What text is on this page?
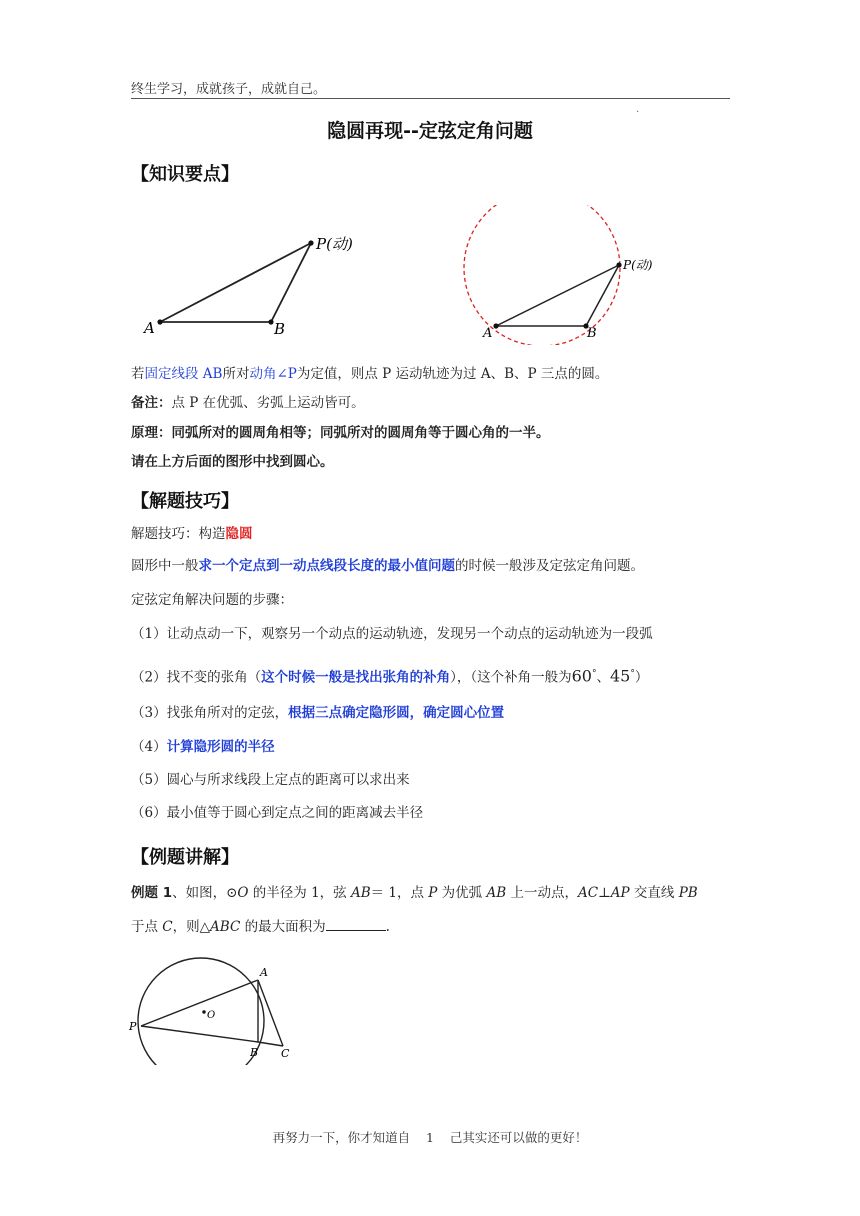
终生学习，成就孩子，成就自己。
.
隐圆再现--定弦定角问题
【知识要点】
A	B
P(动)
A	B
P(动)
若固定线段 AB所对动角∠P为定值，则点 P 运动轨迹为过 A、B、P 三点的圆。
备注：点 P 在优弧、劣弧上运动皆可。
原理：同弧所对的圆周角相等；同弧所对的圆周角等于圆心角的一半。
请在上方后面的图形中找到圆心。
【解题技巧】
解题技巧：构造隐圆
圆形中一般求一个定点到一动点线段长度的最小值问题的时候一般涉及定弦定角问题。
定弦定角解决问题的步骤：
（1）让动点动一下，观察另一个动点的运动轨迹，发现另一个动点的运动轨迹为一段弧
（2）找不变的张角（这个时候一般是找出张角的补角），（这个补角一般为60°、45°）
（3）找张角所对的定弦，根据三点确定隐形圆，确定圆心位置
（4）计算隐形圆的半径
（5）圆心与所求线段上定点的距离可以求出来
（6）最小值等于圆心到定点之间的距离减去半径
【例题讲解】
例题 1、如图，⊙O 的半径为 1，弦 AB＝ 1，点 P 为优弧 AB 上一动点，AC⊥AP 交直线 PB
于点 C，则△ABC 的最大面积为	.
A
B C
O
P
再努力一下，你才知道自 1 己其实还可以做的更好！
